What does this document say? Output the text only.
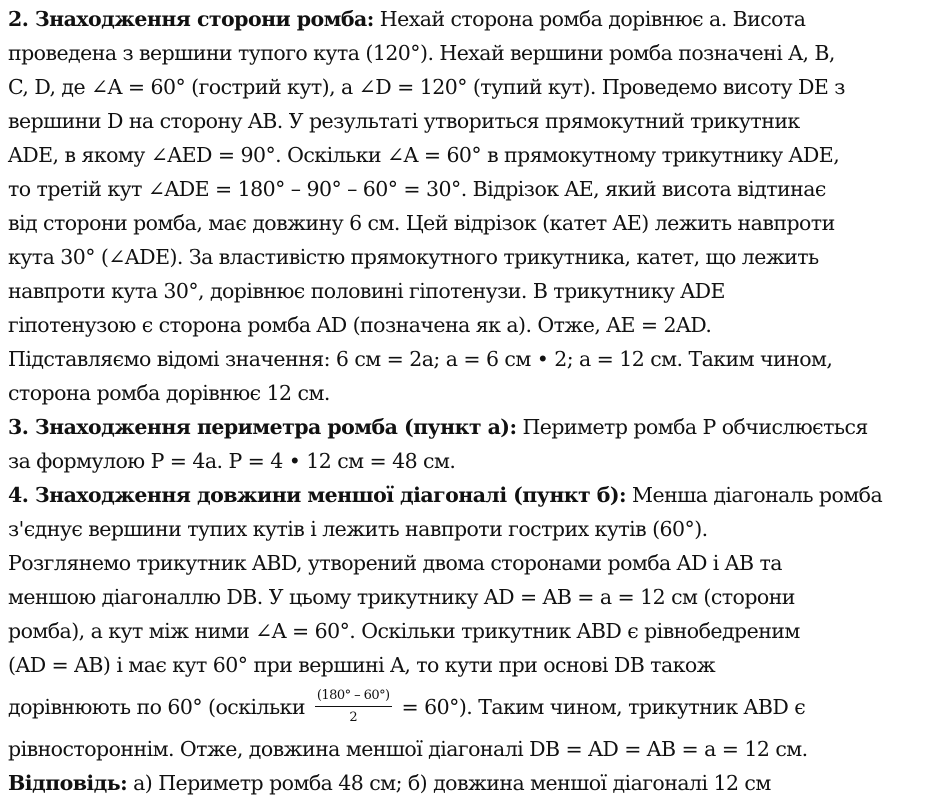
2. Знаходження сторони ромба: Нехай сторона ромба дорівнює a. Висота
проведена з вершини тупого кута (120°). Нехай вершини ромба позначені A, B,
C, D, де ∠A = 60° (гострий кут), а ∠D = 120° (тупий кут). Проведемо висоту DE з
вершини D на сторону AB. У результаті утвориться прямокутний трикутник
ADE, в якому ∠AED = 90°. Оскільки ∠A = 60° в прямокутному трикутнику ADE,
то третій кут ∠ADE = 180° – 90° – 60° = 30°. Відрізок AE, який висота відтинає
від сторони ромба, має довжину 6 см. Цей відрізок (катет AE) лежить навпроти
кута 30° (∠ADE). За властивістю прямокутного трикутника, катет, що лежить
навпроти кута 30°, дорівнює половині гіпотенузи. В трикутнику ADE
гіпотенузою є сторона ромба AD (позначена як a). Отже, AE = 2AD.
Підставляємо відомі значення: 6 см = 2a; a = 6 см • 2; a = 12 см. Таким чином,
сторона ромба дорівнює 12 см.
3. Знаходження периметра ромба (пункт а): Периметр ромба P обчислюється
за формулою P = 4a. P = 4 • 12 см = 48 см.
4. Знаходження довжини меншої діагоналі (пункт б): Менша діагональ ромба
з'єднує вершини тупих кутів і лежить навпроти гострих кутів (60°).
Розглянемо трикутник ABD, утворений двома сторонами ромба AD і AB та
меншою діагоналлю DB. У цьому трикутнику AD = AB = a = 12 см (сторони
ромба), а кут між ними ∠A = 60°. Оскільки трикутник ABD є рівнобедреним
(AD = AB) і має кут 60° при вершині A, то кути при основі DB також
дорівнюють по 60° (оскільки $\frac{(180^\circ - 60^\circ)}{2} = 60^\circ$). Таким чином, трикутник ABD є
рівностороннім. Отже, довжина меншої діагоналі DB = AD = AB = a = 12 см.
Відповідь: а) Периметр ромба 48 см; б) довжина меншої діагоналі 12 см
